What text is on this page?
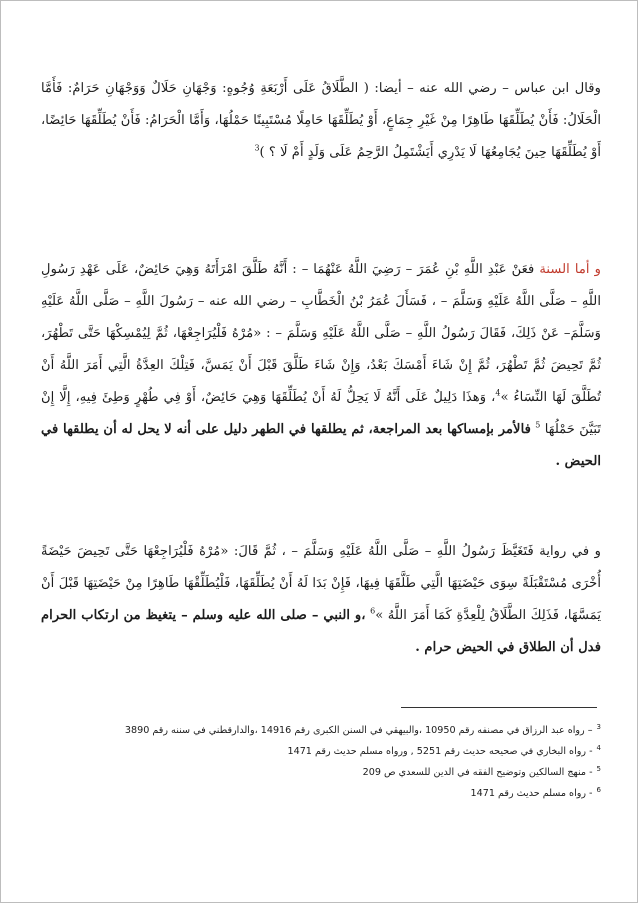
وقال ابن عباس – رضي الله عنه – أيضا: ( الطَّلَاقُ عَلَى أَرْبَعَةِ وُجُوهٍ: وَجْهَانِ حَلَالٌ وَوَجْهَانِ حَرَامٌ: فَأَمَّا الْحَلَالُ: فَأَنْ يُطَلِّقَهَا طَاهِرًا مِنْ غَيْرِ جِمَاعٍ، أَوْ يُطَلِّقَهَا حَامِلًا مُسْتَبِينًا حَمْلُهَا، وَأَمَّا الْحَرَامُ: فَأَنْ يُطَلِّقَهَا حَائِضًا، أَوْ يُطَلِّقَهَا حِينَ يُجَامِعُهَا لَا يَدْرِي أَيَشْتَمِلُ الرَّحِمُ عَلَى وَلَدٍ أَمْ لَا ؟ )$^3$

و أما السنة فعَنْ عَبْدِ اللَّهِ بْنِ عُمَرَ – رَضِيَ اللَّهُ عَنْهُمَا – : أَنَّهُ طَلَّقَ امْرَأَتَهُ وَهِيَ حَائِضٌ، عَلَى عَهْدِ رَسُولِ اللَّهِ – صَلَّى اللَّهُ عَلَيْهِ وَسَلَّمَ – ، فَسَأَلَ عُمَرُ بْنُ الْخَطَّابِ – رضي الله عنه – رَسُولَ اللَّهِ – صَلَّى اللَّهُ عَلَيْهِ وَسَلَّمَ– عَنْ ذَلِكَ، فَقَالَ رَسُولُ اللَّهِ – صَلَّى اللَّهُ عَلَيْهِ وَسَلَّمَ – : «مُرْهُ فَلْيُرَاجِعْهَا، ثُمَّ لِيُمْسِكْهَا حَتَّى تَطْهُرَ، ثُمَّ تَحِيضَ ثُمَّ تَطْهُرَ، ثُمَّ إِنْ شَاءَ أَمْسَكَ بَعْدُ، وَإِنْ شَاءَ طَلَّقَ قَبْلَ أَنْ يَمَسَّ، فَتِلْكَ العِدَّةُ الَّتِي أَمَرَ اللَّهُ أَنْ تُطَلَّقَ لَهَا النِّسَاءُ »$^4$، وَهذَا دَلِيلٌ عَلَى أَنَّهُ لَا يَحِلُّ لَهُ أَنْ يُطَلِّقَهَا وَهِيَ حَائِضٌ، أَوْ فِي طُهْرٍ وَطِئَ فِيهِ، إِلَّا إِنْ تَبَيَّنَ حَمْلُهَا $^5$ فالأمر بإمساكها بعد المراجعة، ثم يطلقها في الطهر دليل على أنه لا يحل له أن يطلقها في الحيض .

و في رواية فَتَغَيَّظَ رَسُولُ اللَّهِ – صَلَّى اللَّهُ عَلَيْهِ وَسَلَّمَ – ، ثُمَّ قَالَ: «مُرْهُ فَلْيُرَاجِعْهَا حَتَّى تَحِيضَ حَيْضَةً أُخْرَى مُسْتَقْبَلَةً سِوَى حَيْضَتِهَا الَّتِي طَلَّقَهَا فِيهَا، فَإِنْ بَدَا لَهُ أَنْ يُطَلِّقَهَا، فَلْيُطَلِّقْهَا طَاهِرًا مِنْ حَيْضَتِهَا قَبْلَ أَنْ يَمَسَّهَا، فَذَلِكَ الطَّلَاقُ لِلْعِدَّةِ كَمَا أَمَرَ اللَّهُ »$^6$ ،و النبي – صلى الله عليه وسلم – يتغيظ من ارتكاب الحرام فدل أن الطلاق في الحيض حرام .

$^3$– رواه عبد الرزاق في مصنفه رقم 10950 ،والبيهقي في السنن الكبرى رقم 14916 ،والدارقطني في سننه رقم 3890
$^4$- رواه البخاري في صحيحه حديث رقم 5251 , ورواه مسلم حديث رقم 1471
$^5$- منهج السالكين وتوضيح الفقه في الدين للسعدي ص 209
$^6$- رواه مسلم حديث رقم 1471
